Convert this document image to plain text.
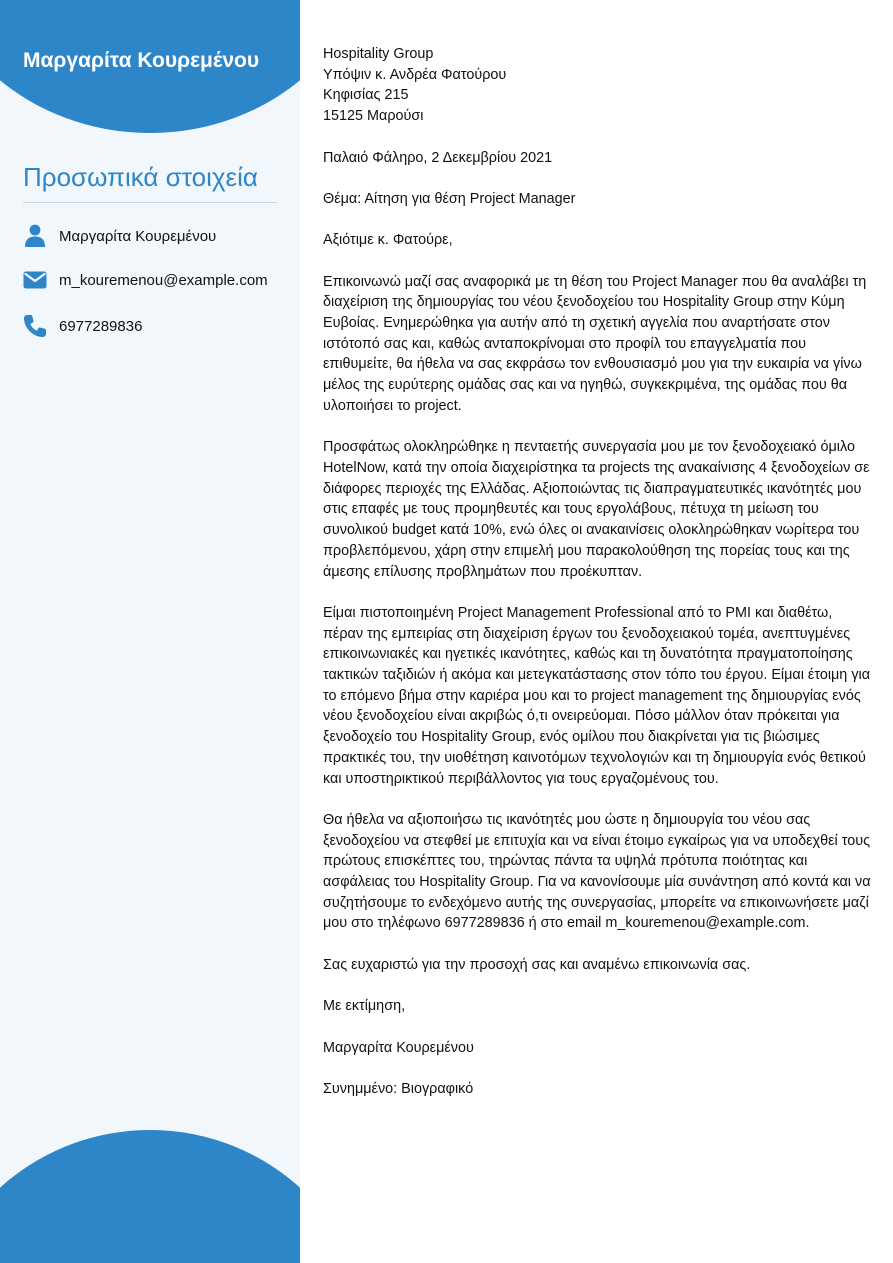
Μαργαρίτα Κουρεμένου
Προσωπικά στοιχεία
Μαργαρίτα Κουρεμένου
m_kouremenou@example.com
6977289836
Hospitality Group
Υπόψιν κ. Ανδρέα Φατούρου
Κηφισίας 215
15125 Μαρούσι

Παλαιό Φάληρο, 2 Δεκεμβρίου 2021

Θέμα: Αίτηση για θέση Project Manager

Αξιότιμε κ. Φατούρε,

Επικοινωνώ μαζί σας αναφορικά με τη θέση του Project Manager που θα αναλάβει τη διαχείριση της δημιουργίας του νέου ξενοδοχείου του Hospitality Group στην Κύμη Ευβοίας. Ενημερώθηκα για αυτήν από τη σχετική αγγελία που αναρτήσατε στον ιστότοπό σας και, καθώς ανταποκρίνομαι στο προφίλ του επαγγελματία που επιθυμείτε, θα ήθελα να σας εκφράσω τον ενθουσιασμό μου για την ευκαιρία να γίνω μέλος της ευρύτερης ομάδας σας και να ηγηθώ, συγκεκριμένα, της ομάδας που θα υλοποιήσει το project.

Προσφάτως ολοκληρώθηκε η πενταετής συνεργασία μου με τον ξενοδοχειακό όμιλο HotelNow, κατά την οποία διαχειρίστηκα τα projects της ανακαίνισης 4 ξενοδοχείων σε διάφορες περιοχές της Ελλάδας. Αξιοποιώντας τις διαπραγματευτικές ικανότητές μου στις επαφές με τους προμηθευτές και τους εργολάβους, πέτυχα τη μείωση του συνολικού budget κατά 10%, ενώ όλες οι ανακαινίσεις ολοκληρώθηκαν νωρίτερα του προβλεπόμενου, χάρη στην επιμελή μου παρακολούθηση της πορείας τους και της άμεσης επίλυσης προβλημάτων που προέκυπταν.

Είμαι πιστοποιημένη Project Management Professional από το PMI και διαθέτω, πέραν της εμπειρίας στη διαχείριση έργων του ξενοδοχειακού τομέα, ανεπτυγμένες επικοινωνιακές και ηγετικές ικανότητες, καθώς και τη δυνατότητα πραγματοποίησης τακτικών ταξιδιών ή ακόμα και μετεγκατάστασης στον τόπο του έργου. Είμαι έτοιμη για το επόμενο βήμα στην καριέρα μου και το project management της δημιουργίας ενός νέου ξενοδοχείου είναι ακριβώς ό,τι ονειρεύομαι. Πόσο μάλλον όταν πρόκειται για ξενοδοχείο του Hospitality Group, ενός ομίλου που διακρίνεται για τις βιώσιμες πρακτικές του, την υιοθέτηση καινοτόμων τεχνολογιών και τη δημιουργία ενός θετικού και υποστηρικτικού περιβάλλοντος για τους εργαζομένους του.

Θα ήθελα να αξιοποιήσω τις ικανότητές μου ώστε η δημιουργία του νέου σας ξενοδοχείου να στεφθεί με επιτυχία και να είναι έτοιμο εγκαίρως για να υποδεχθεί τους πρώτους επισκέπτες του, τηρώντας πάντα τα υψηλά πρότυπα ποιότητας και ασφάλειας του Hospitality Group. Για να κανονίσουμε μία συνάντηση από κοντά και να συζητήσουμε το ενδεχόμενο αυτής της συνεργασίας, μπορείτε να επικοινωνήσετε μαζί μου στο τηλέφωνο 6977289836 ή στο email m_kouremenou@example.com.

Σας ευχαριστώ για την προσοχή σας και αναμένω επικοινωνία σας.

Με εκτίμηση,

Μαργαρίτα Κουρεμένου

Συνημμένο: Βιογραφικό
